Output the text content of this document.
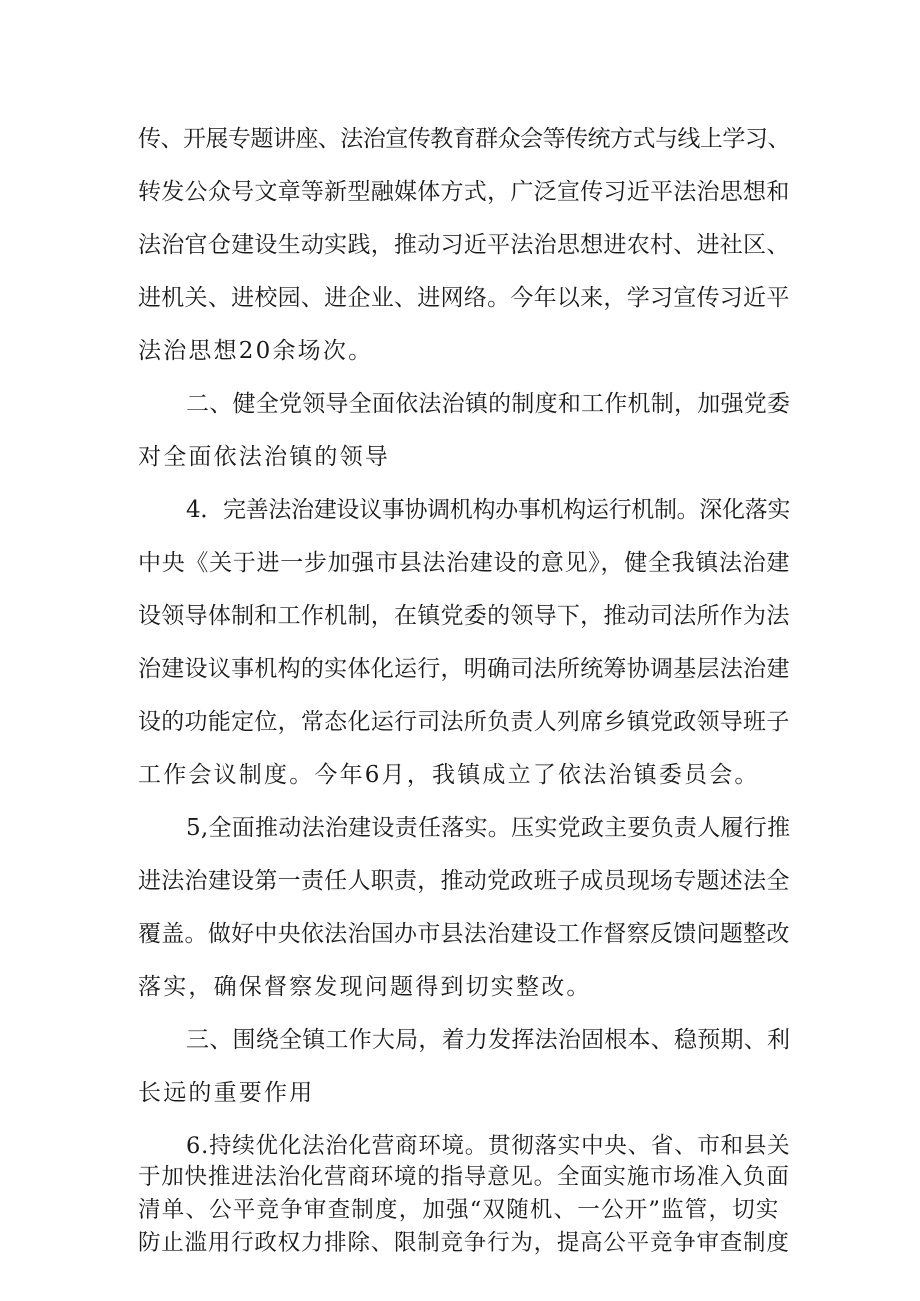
传、开展专题讲座、法治宣传教育群众会等传统方式与线上学习、
转发公众号文章等新型融媒体方式，广泛宣传习近平法治思想和
法治官仓建设生动实践，推动习近平法治思想进农村、进社区、
进机关、进校园、进企业、进网络。今年以来，学习宣传习近平
法治思想20余场次。
二、健全党领导全面依法治镇的制度和工作机制，加强党委
对全面依法治镇的领导
4．完善法治建设议事协调机构办事机构运行机制。深化落实
中央《关于进一步加强市县法治建设的意见》，健全我镇法治建
设领导体制和工作机制，在镇党委的领导下，推动司法所作为法
治建设议事机构的实体化运行，明确司法所统筹协调基层法治建
设的功能定位，常态化运行司法所负责人列席乡镇党政领导班子
工作会议制度。今年6月，我镇成立了依法治镇委员会。
5,全面推动法治建设责任落实。压实党政主要负责人履行推
进法治建设第一责任人职责，推动党政班子成员现场专题述法全
覆盖。做好中央依法治国办市县法治建设工作督察反馈问题整改
落实，确保督察发现问题得到切实整改。
三、围绕全镇工作大局，着力发挥法治固根本、稳预期、利
长远的重要作用
6.持续优化法治化营商环境。贯彻落实中央、省、市和县关
于加快推进法治化营商环境的指导意见。全面实施市场准入负面
清单、公平竞争审查制度，加强“双随机、一公开”监管，切实
防止滥用行政权力排除、限制竞争行为，提高公平竞争审查制度
